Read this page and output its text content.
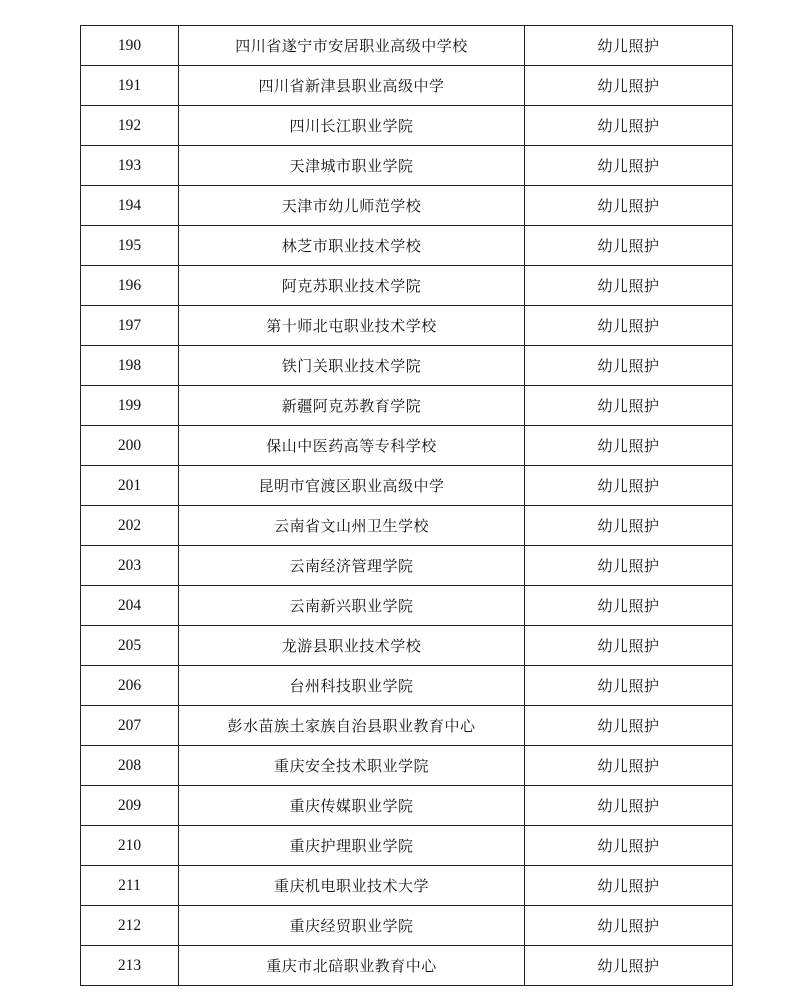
190	四川省遂宁市安居职业高级中学校	幼儿照护
191	四川省新津县职业高级中学	幼儿照护
192	四川长江职业学院	幼儿照护
193	天津城市职业学院	幼儿照护
194	天津市幼儿师范学校	幼儿照护
195	林芝市职业技术学校	幼儿照护
196	阿克苏职业技术学院	幼儿照护
197	第十师北屯职业技术学校	幼儿照护
198	铁门关职业技术学院	幼儿照护
199	新疆阿克苏教育学院	幼儿照护
200	保山中医药高等专科学校	幼儿照护
201	昆明市官渡区职业高级中学	幼儿照护
202	云南省文山州卫生学校	幼儿照护
203	云南经济管理学院	幼儿照护
204	云南新兴职业学院	幼儿照护
205	龙游县职业技术学校	幼儿照护
206	台州科技职业学院	幼儿照护
207	彭水苗族土家族自治县职业教育中心	幼儿照护
208	重庆安全技术职业学院	幼儿照护
209	重庆传媒职业学院	幼儿照护
210	重庆护理职业学院	幼儿照护
211	重庆机电职业技术大学	幼儿照护
212	重庆经贸职业学院	幼儿照护
213	重庆市北碚职业教育中心	幼儿照护
